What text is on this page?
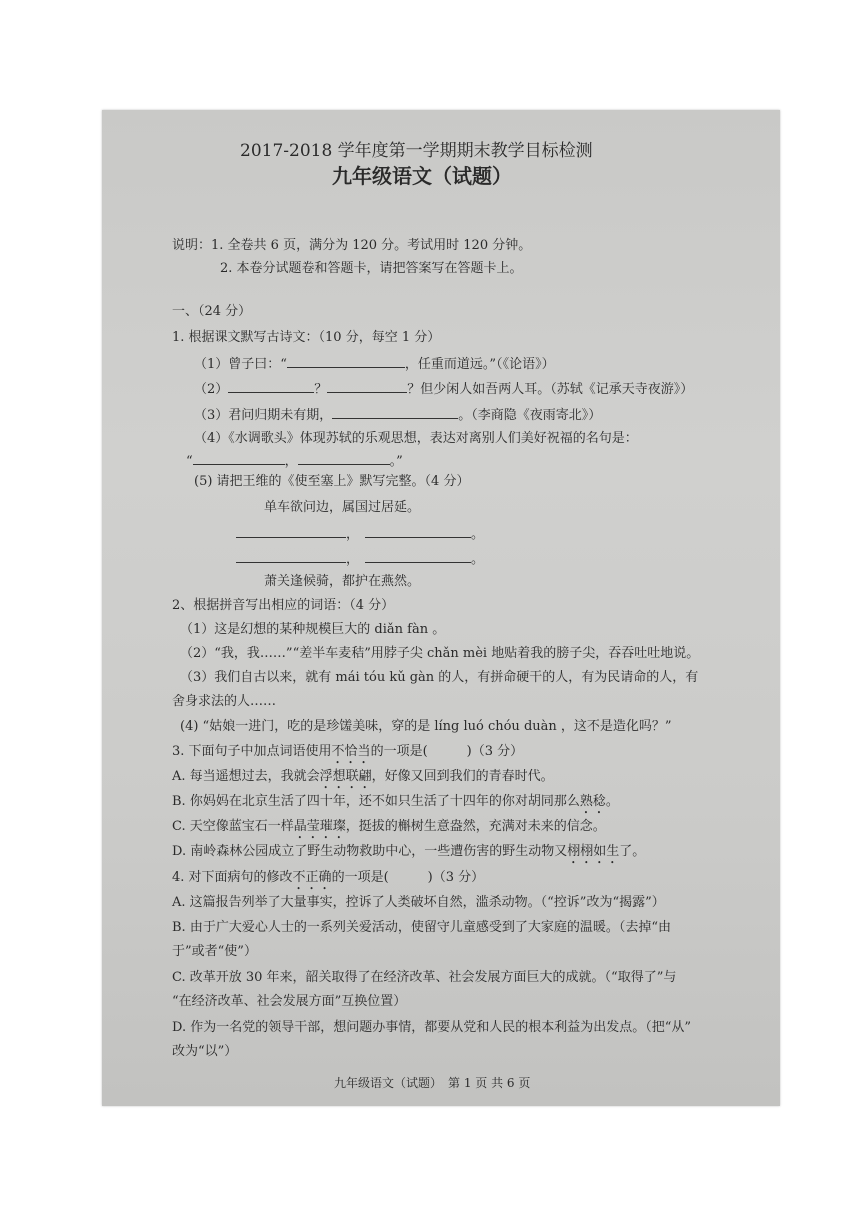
2017-2018 学年度第一学期期末教学目标检测
九年级语文（试题）
说明：1. 全卷共 6 页，满分为 120 分。考试用时 120 分钟。
2. 本卷分试题卷和答题卡，请把答案写在答题卡上。
一、（24 分）
1. 根据课文默写古诗文：（10 分，每空 1 分）
（1）曾子曰：“	，任重而道远。”（《论语》）
（2）	？	？但少闲人如吾两人耳。（苏轼《记承天寺夜游》）
（3）君问归期未有期，	。（李商隐《夜雨寄北》）
（4）《水调歌头》体现苏轼的乐观思想，表达对离别人们美好祝福的名句是：
“	，	。”
(5) 请把王维的《使至塞上》默写完整。（4 分）
单车欲问边，属国过居延。
，	。
，	。
萧关逢候骑，都护在燕然。
2、根据拼音写出相应的词语：（4 分）
（1）这是幻想的某种规模巨大的 diǎn fàn 。
（2）“我，我……”“差半车麦秸”用脖子尖 chǎn mèi 地贴着我的膀子尖，吞吞吐吐地说。
（3）我们自古以来，就有 mái tóu kǔ gàn 的人，有拼命硬干的人，有为民请命的人，有
舍身求法的人……
(4) “姑娘一进门，吃的是珍馐美味，穿的是 líng luó chóu duàn ，这不是造化吗？”
3. 下面句子中加点词语使用不恰当的一项是(　　　)（3 分）
A. 每当遥想过去，我就会浮想联翩，好像又回到我们的青春时代。
B. 你妈妈在北京生活了四十年，还不如只生活了十四年的你对胡同那么熟稔。
C. 天空像蓝宝石一样晶莹璀璨，挺拔的槲树生意盎然，充满对未来的信念。
D. 南岭森林公园成立了野生动物救助中心，一些遭伤害的野生动物又栩栩如生了。
4. 对下面病句的修改不正确的一项是(　　　)（3 分）
A. 这篇报告列举了大量事实，控诉了人类破坏自然，滥杀动物。（“控诉”改为“揭露”）
B. 由于广大爱心人士的一系列关爱活动，使留守儿童感受到了大家庭的温暖。（去掉“由
于”或者“使”）
C. 改革开放 30 年来，韶关取得了在经济改革、社会发展方面巨大的成就。（“取得了”与
“在经济改革、社会发展方面”互换位置）
D. 作为一名党的领导干部，想问题办事情，都要从党和人民的根本利益为出发点。（把“从”
改为“以”）
九年级语文（试题）　第 1 页 共 6 页
